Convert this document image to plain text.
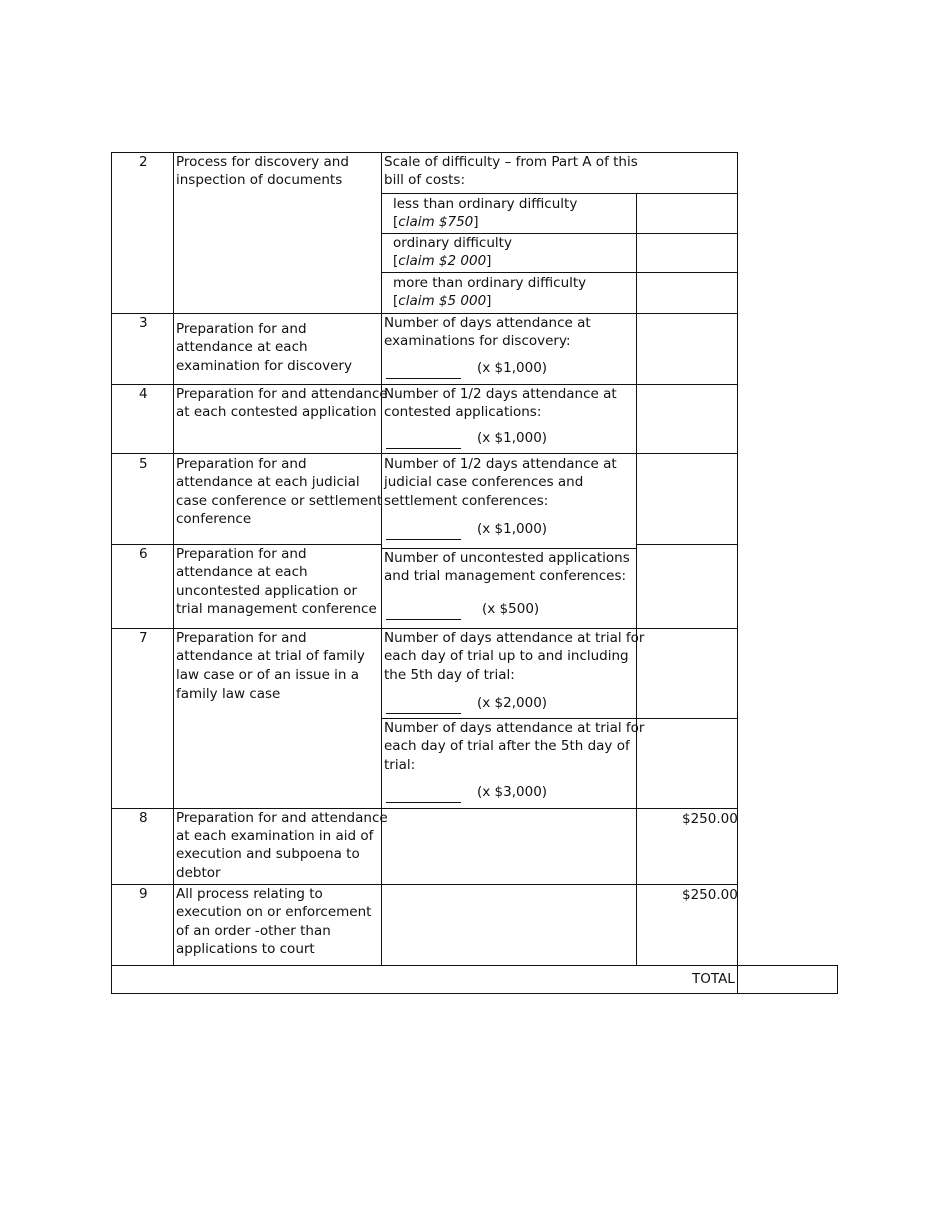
2 Process for discovery and
inspection of documents
Scale of difficulty – from Part A of this
bill of costs:
less than ordinary difficulty
[claim $750]
ordinary difficulty
[claim $2 000]
more than ordinary difficulty
[claim $5 000]
3 Preparation for and
attendance at each
examination for discovery
Number of days attendance at
examinations for discovery:
(x $1,000)
4 Preparation for and attendance
at each contested application
Number of 1/2 days attendance at
contested applications:
(x $1,000)
5 Preparation for and
attendance at each judicial
case conference or settlement
conference
Number of 1/2 days attendance at
judicial case conferences and
settlement conferences:
(x $1,000)
6 Preparation for and
attendance at each
uncontested application or
trial management conference
Number of uncontested applications
and trial management conferences:
(x $500)
7 Preparation for and
attendance at trial of family
law case or of an issue in a
family law case
Number of days attendance at trial for
each day of trial up to and including
the 5th day of trial:
(x $2,000)
Number of days attendance at trial for
each day of trial after the 5th day of
trial:
(x $3,000)
8 Preparation for and attendance
at each examination in aid of
execution and subpoena to
debtor
$250.00
9 All process relating to
execution on or enforcement
of an order -other than
applications to court
$250.00
TOTAL
